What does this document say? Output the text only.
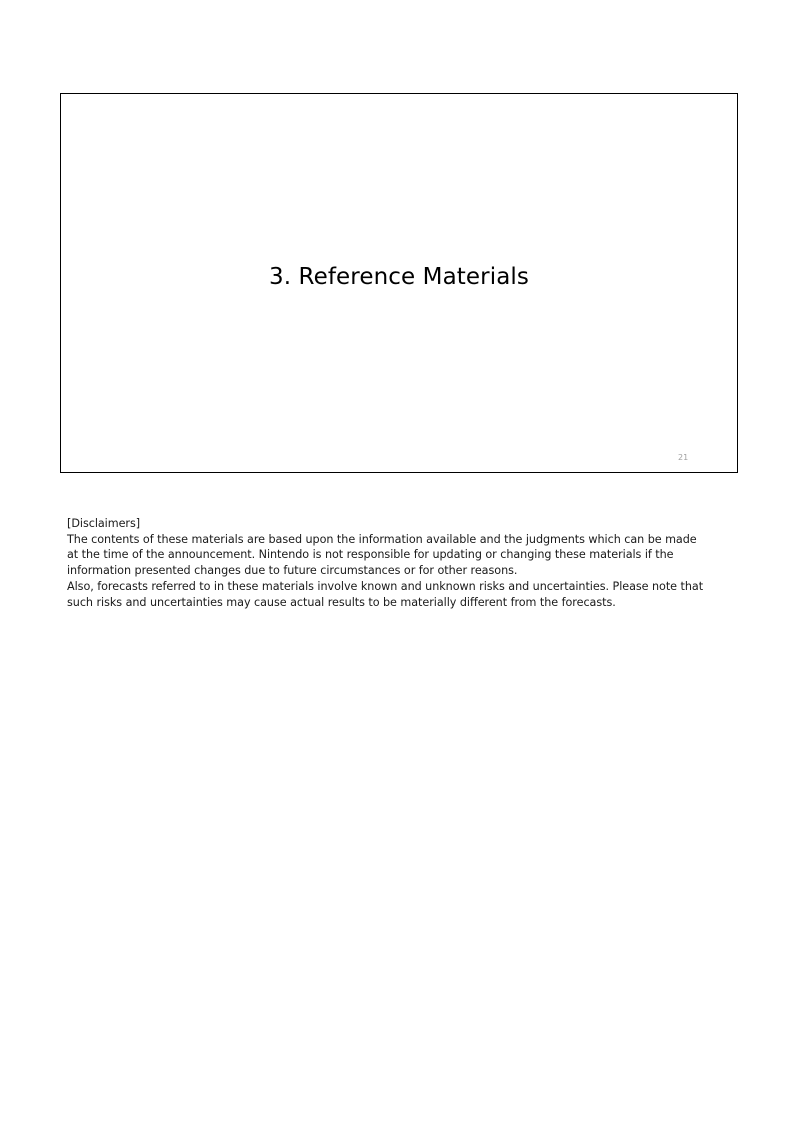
3. Reference Materials
21
[Disclaimers]
The contents of these materials are based upon the information available and the judgments which can be made
at the time of the announcement. Nintendo is not responsible for updating or changing these materials if the
information presented changes due to future circumstances or for other reasons.
Also, forecasts referred to in these materials involve known and unknown risks and uncertainties. Please note that
such risks and uncertainties may cause actual results to be materially different from the forecasts.
